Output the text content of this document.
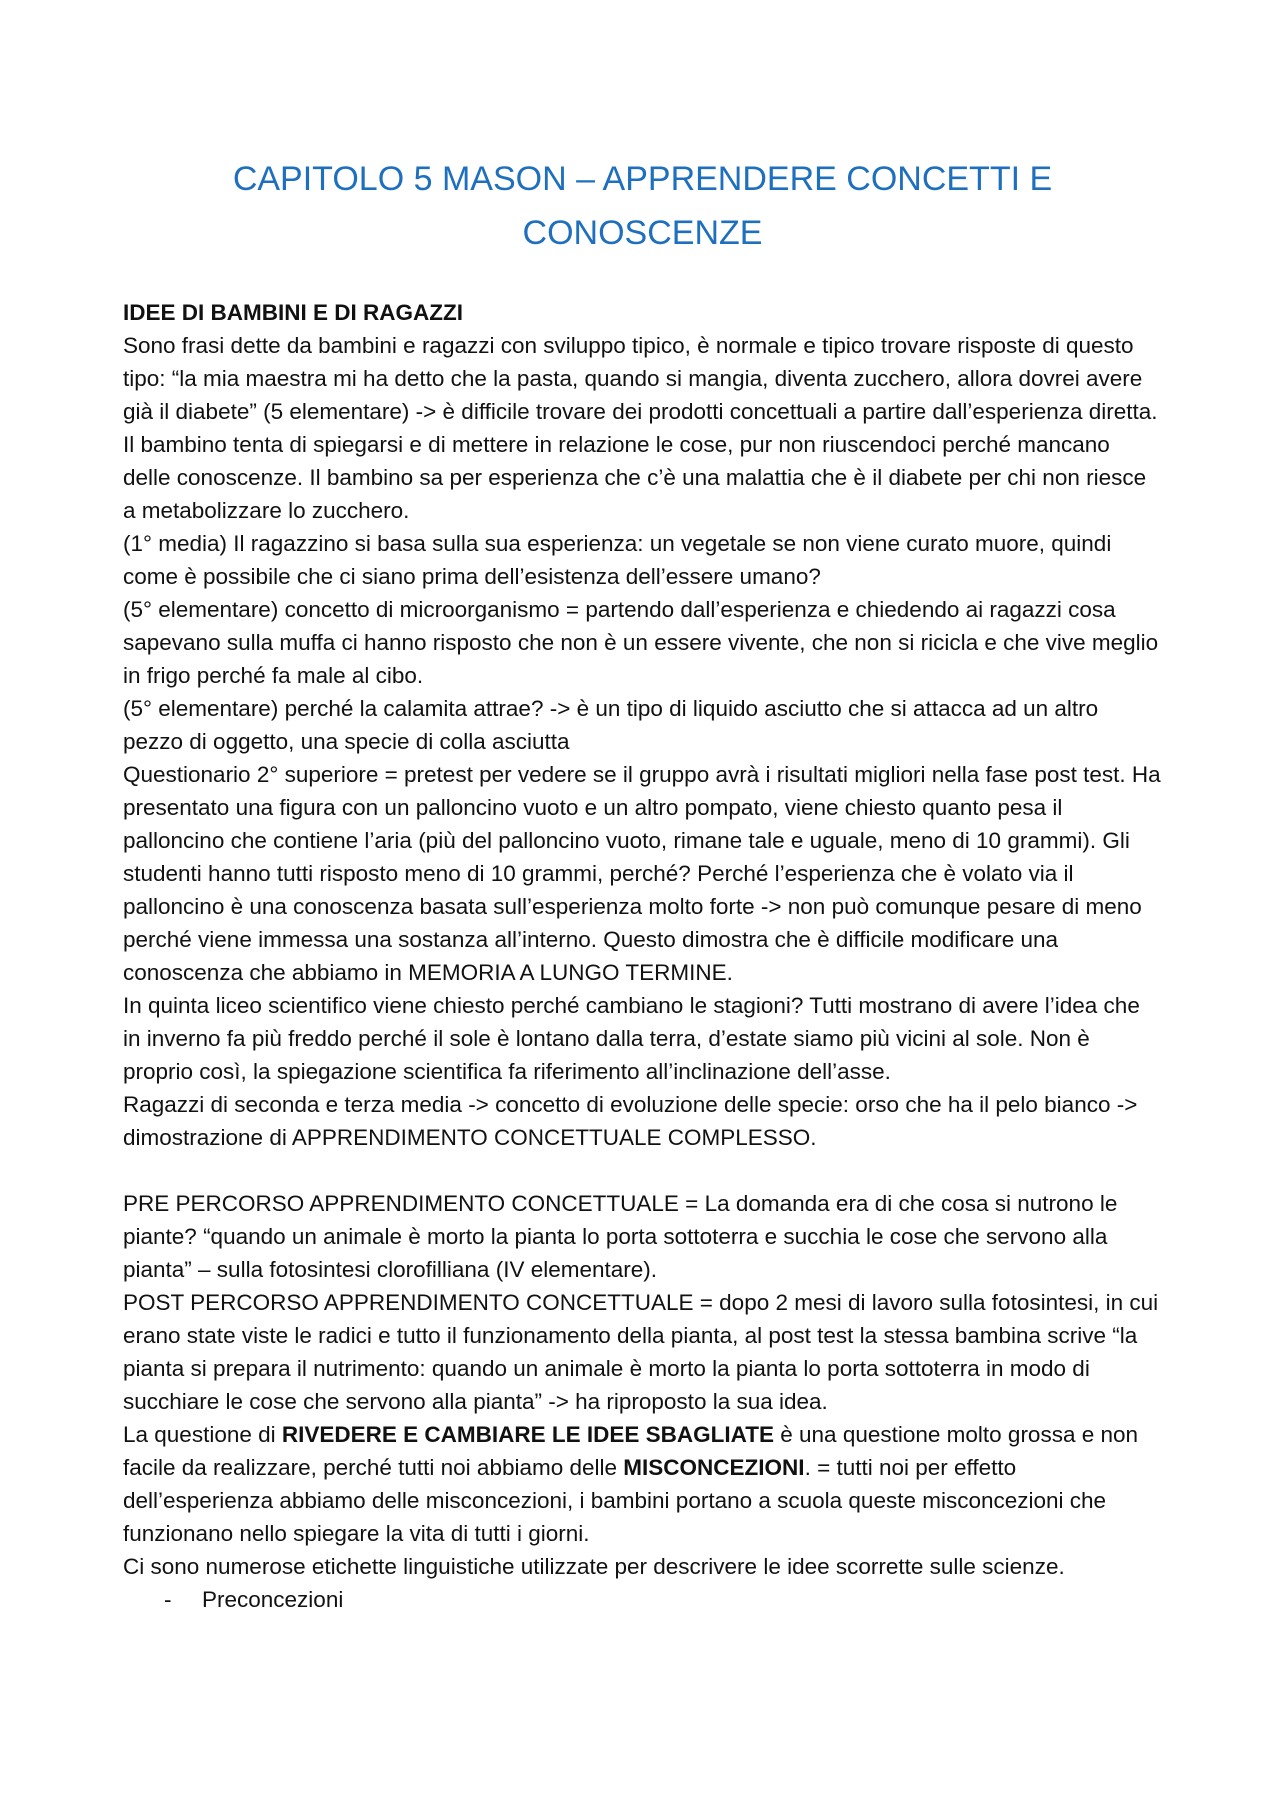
CAPITOLO 5 MASON – APPRENDERE CONCETTI E CONOSCENZE

IDEE DI BAMBINI E DI RAGAZZI

Sono frasi dette da bambini e ragazzi con sviluppo tipico, è normale e tipico trovare risposte di questo tipo: “la mia maestra mi ha detto che la pasta, quando si mangia, diventa zucchero, allora dovrei avere già il diabete” (5 elementare) -> è difficile trovare dei prodotti concettuali a partire dall’esperienza diretta. Il bambino tenta di spiegarsi e di mettere in relazione le cose, pur non riuscendoci perché mancano delle conoscenze. Il bambino sa per esperienza che c’è una malattia che è il diabete per chi non riesce a metabolizzare lo zucchero.

(1° media) Il ragazzino si basa sulla sua esperienza: un vegetale se non viene curato muore, quindi come è possibile che ci siano prima dell’esistenza dell’essere umano?

(5° elementare) concetto di microorganismo = partendo dall’esperienza e chiedendo ai ragazzi cosa sapevano sulla muffa ci hanno risposto che non è un essere vivente, che non si ricicla e che vive meglio in frigo perché fa male al cibo.

(5° elementare) perché la calamita attrae? -> è un tipo di liquido asciutto che si attacca ad un altro pezzo di oggetto, una specie di colla asciutta

Questionario 2° superiore = pretest per vedere se il gruppo avrà i risultati migliori nella fase post test. Ha presentato una figura con un palloncino vuoto e un altro pompato, viene chiesto quanto pesa il palloncino che contiene l’aria (più del palloncino vuoto, rimane tale e uguale, meno di 10 grammi). Gli studenti hanno tutti risposto meno di 10 grammi, perché? Perché l’esperienza che è volato via il palloncino è una conoscenza basata sull’esperienza molto forte -> non può comunque pesare di meno perché viene immessa una sostanza all’interno. Questo dimostra che è difficile modificare una conoscenza che abbiamo in MEMORIA A LUNGO TERMINE.

In quinta liceo scientifico viene chiesto perché cambiano le stagioni? Tutti mostrano di avere l’idea che in inverno fa più freddo perché il sole è lontano dalla terra, d’estate siamo più vicini al sole. Non è proprio così, la spiegazione scientifica fa riferimento all’inclinazione dell’asse.

Ragazzi di seconda e terza media -> concetto di evoluzione delle specie: orso che ha il pelo bianco -> dimostrazione di APPRENDIMENTO CONCETTUALE COMPLESSO.

PRE PERCORSO APPRENDIMENTO CONCETTUALE = La domanda era di che cosa si nutrono le piante? “quando un animale è morto la pianta lo porta sottoterra e succhia le cose che servono alla pianta” – sulla fotosintesi clorofilliana (IV elementare).

POST PERCORSO APPRENDIMENTO CONCETTUALE = dopo 2 mesi di lavoro sulla fotosintesi, in cui erano state viste le radici e tutto il funzionamento della pianta, al post test la stessa bambina scrive “la pianta si prepara il nutrimento: quando un animale è morto la pianta lo porta sottoterra in modo di succhiare le cose che servono alla pianta” -> ha riproposto la sua idea.

La questione di RIVEDERE E CAMBIARE LE IDEE SBAGLIATE è una questione molto grossa e non facile da realizzare, perché tutti noi abbiamo delle MISCONCEZIONI. = tutti noi per effetto dell’esperienza abbiamo delle misconcezioni, i bambini portano a scuola queste misconcezioni che funzionano nello spiegare la vita di tutti i giorni.

Ci sono numerose etichette linguistiche utilizzate per descrivere le idee scorrette sulle scienze.

- Preconcezioni
